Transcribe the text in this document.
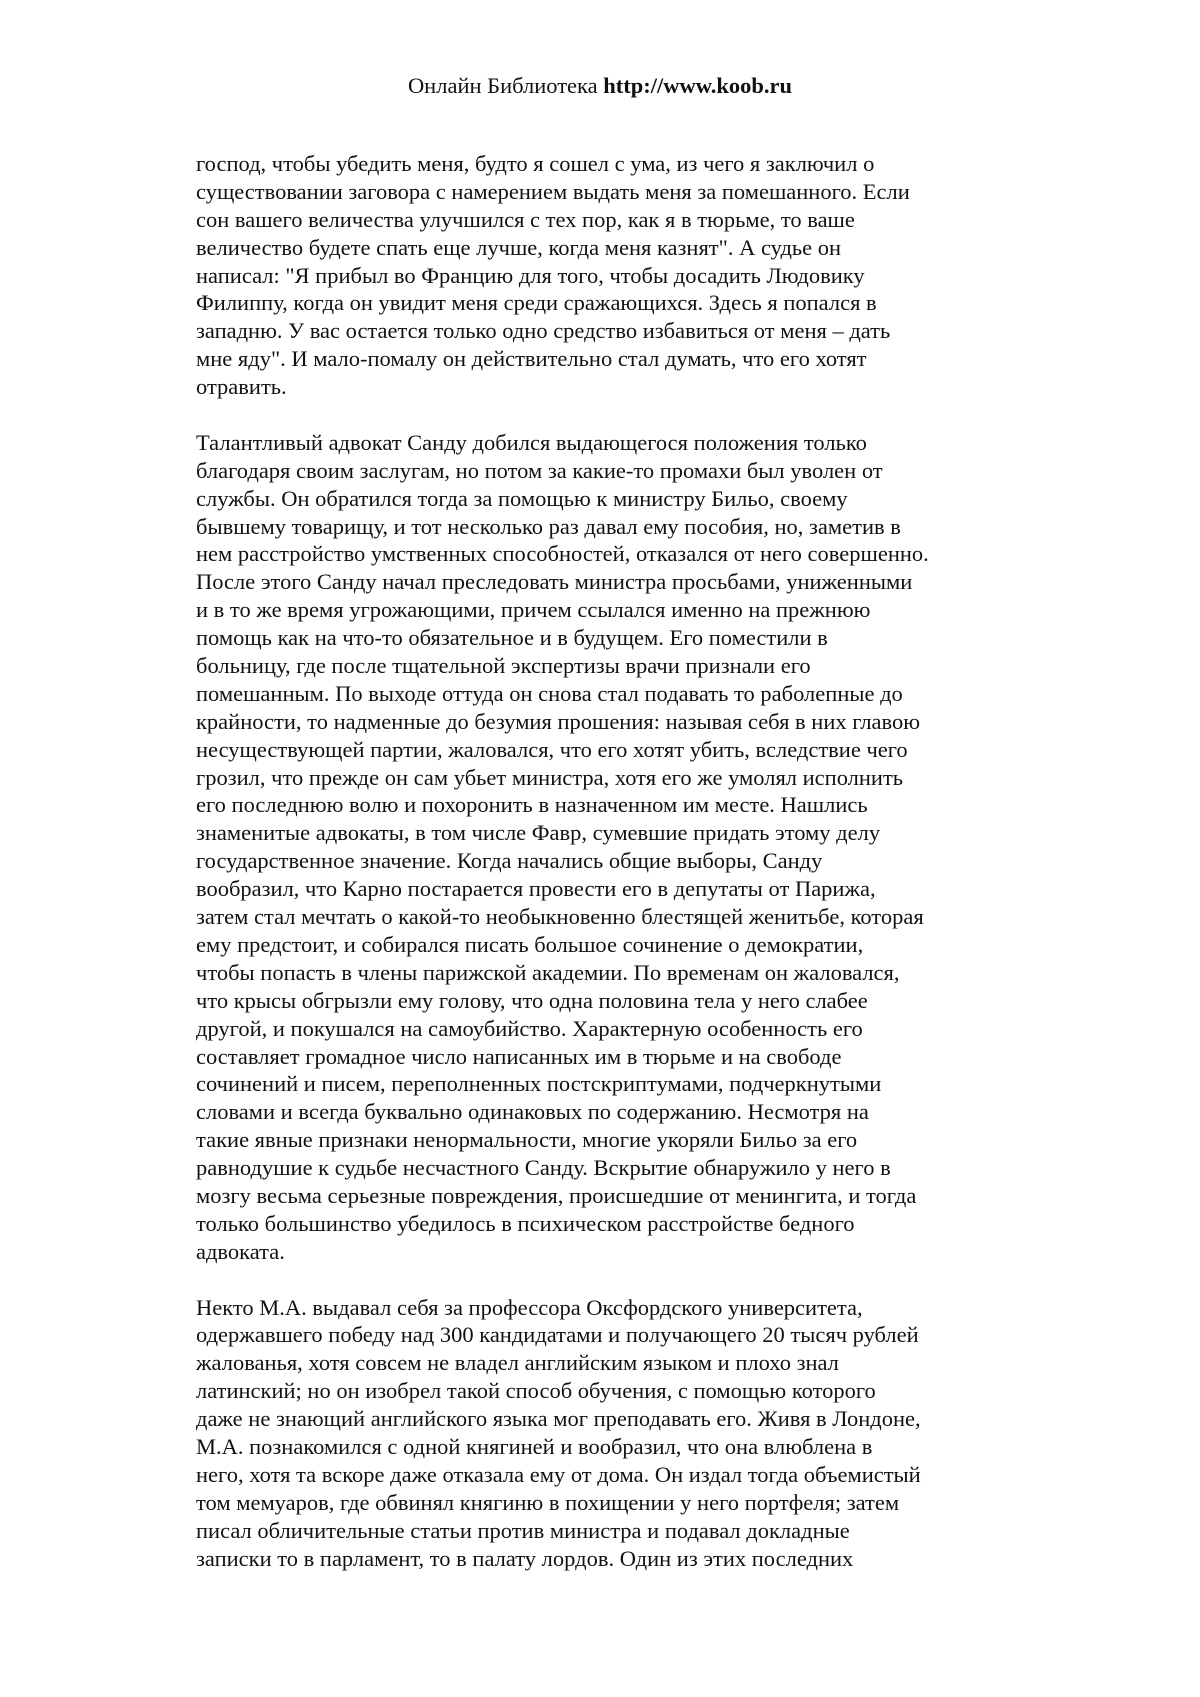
Онлайн Библиотека http://www.koob.ru
господ, чтобы убедить меня, будто я сошел с ума, из чего я заключил о
существовании заговора с намерением выдать меня за помешанного. Если
сон вашего величества улучшился с тех пор, как я в тюрьме, то ваше
величество будете спать еще лучше, когда меня казнят". А судье он
написал: "Я прибыл во Францию для того, чтобы досадить Людовику
Филиппу, когда он увидит меня среди сражающихся. Здесь я попался в
западню. У вас остается только одно средство избавиться от меня – дать
мне яду". И мало-помалу он действительно стал думать, что его хотят
отравить.
Талантливый адвокат Санду добился выдающегося положения только
благодаря своим заслугам, но потом за какие-то промахи был уволен от
службы. Он обратился тогда за помощью к министру Бильо, своему
бывшему товарищу, и тот несколько раз давал ему пособия, но, заметив в
нем расстройство умственных способностей, отказался от него совершенно.
После этого Санду начал преследовать министра просьбами, униженными
и в то же время угрожающими, причем ссылался именно на прежнюю
помощь как на что-то обязательное и в будущем. Его поместили в
больницу, где после тщательной экспертизы врачи признали его
помешанным. По выходе оттуда он снова стал подавать то раболепные до
крайности, то надменные до безумия прошения: называя себя в них главою
несуществующей партии, жаловался, что его хотят убить, вследствие чего
грозил, что прежде он сам убьет министра, хотя его же умолял исполнить
его последнюю волю и похоронить в назначенном им месте. Нашлись
знаменитые адвокаты, в том числе Фавр, сумевшие придать этому делу
государственное значение. Когда начались общие выборы, Санду
вообразил, что Карно постарается провести его в депутаты от Парижа,
затем стал мечтать о какой-то необыкновенно блестящей женитьбе, которая
ему предстоит, и собирался писать большое сочинение о демократии,
чтобы попасть в члены парижской академии. По временам он жаловался,
что крысы обгрызли ему голову, что одна половина тела у него слабее
другой, и покушался на самоубийство. Характерную особенность его
составляет громадное число написанных им в тюрьме и на свободе
сочинений и писем, переполненных постскриптумами, подчеркнутыми
словами и всегда буквально одинаковых по содержанию. Несмотря на
такие явные признаки ненормальности, многие укоряли Бильо за его
равнодушие к судьбе несчастного Санду. Вскрытие обнаружило у него в
мозгу весьма серьезные повреждения, происшедшие от менингита, и тогда
только большинство убедилось в психическом расстройстве бедного
адвоката.
Некто М.А. выдавал себя за профессора Оксфордского университета,
одержавшего победу над 300 кандидатами и получающего 20 тысяч рублей
жалованья, хотя совсем не владел английским языком и плохо знал
латинский; но он изобрел такой способ обучения, с помощью которого
даже не знающий английского языка мог преподавать его. Живя в Лондоне,
М.А. познакомился с одной княгиней и вообразил, что она влюблена в
него, хотя та вскоре даже отказала ему от дома. Он издал тогда объемистый
том мемуаров, где обвинял княгиню в похищении у него портфеля; затем
писал обличительные статьи против министра и подавал докладные
записки то в парламент, то в палату лордов. Один из этих последних
